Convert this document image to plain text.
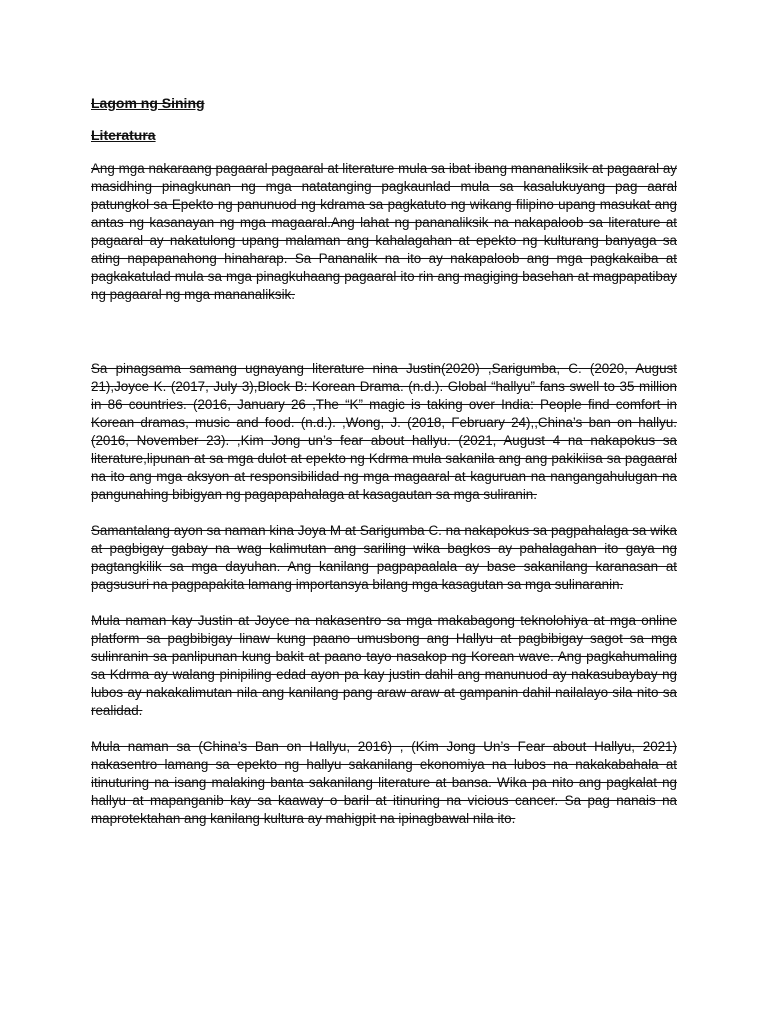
Lagom ng Sining

Literatura

Ang mga nakaraang pagaaral pagaaral at literature mula sa ibat ibang mananaliksik at pagaaral ay masidhing pinagkunan ng mga natatanging pagkaunlad mula sa kasalukuyang pag aaral patungkol sa Epekto ng panunuod ng kdrama sa pagkatuto ng wikang filipino upang masukat ang antas ng kasanayan ng mga magaaral.Ang lahat ng pananaliksik na nakapaloob sa literature at pagaaral ay nakatulong upang malaman ang kahalagahan at epekto ng kulturang banyaga sa ating napapanahong hinaharap. Sa Pananalik na ito ay nakapaloob ang mga pagkakaiba at pagkakatulad mula sa mga pinagkuhaang pagaaral ito rin ang magiging basehan at magpapatibay ng pagaaral ng mga mananaliksik.

Sa pinagsama samang ugnayang literature nina Justin(2020) ,Sarigumba, C. (2020, August 21),Joyce K. (2017, July 3),Block B: Korean Drama. (n.d.). Global “hallyu” fans swell to 35 million in 86 countries. (2016, January 26 ,The “K” magic is taking over India: People find comfort in Korean dramas, music and food. (n.d.). ,Wong, J. (2018, February 24),,China’s ban on hallyu. (2016, November 23). ,Kim Jong un’s fear about hallyu. (2021, August 4 na nakapokus sa literature,lipunan at sa mga dulot at epekto ng Kdrma mula sakanila ang ang pakikiisa sa pagaaral na ito ang mga aksyon at responsibilidad ng mga magaaral at kaguruan na nangangahulugan na pangunahing bibigyan ng pagapapahalaga at kasagautan sa mga suliranin.

Samantalang ayon sa naman kina Joya M at Sarigumba C. na nakapokus sa pagpahalaga sa wika at pagbigay gabay na wag kalimutan ang sariling wika bagkos ay pahalagahan ito gaya ng pagtangkilik sa mga dayuhan. Ang kanilang pagpapaalala ay base sakanilang karanasan at pagsusuri na pagpapakita lamang importansya bilang mga kasagutan sa mga sulinaranin.

Mula naman kay Justin at Joyce na nakasentro sa mga makabagong teknolohiya at mga online platform sa pagbibigay linaw kung paano umusbong ang Hallyu at pagbibigay sagot sa mga sulinranin sa panlipunan kung bakit at paano tayo nasakop ng Korean wave. Ang pagkahumaling sa Kdrma ay walang pinipiling edad ayon pa kay justin dahil ang manunuod ay nakasubaybay ng lubos ay nakakalimutan nila ang kanilang pang araw araw at gampanin dahil nailalayo sila nito sa realidad.

Mula naman sa (China’s Ban on Hallyu, 2016) , (Kim Jong Un’s Fear about Hallyu, 2021) nakasentro lamang sa epekto ng hallyu sakanilang ekonomiya na lubos na nakakabahala at itinuturing na isang malaking banta sakanilang literature at bansa. Wika pa nito ang pagkalat ng hallyu at mapanganib kay sa kaaway o baril at itinuring na vicious cancer. Sa pag nanais na maprotektahan ang kanilang kultura ay mahigpit na ipinagbawal nila ito.
